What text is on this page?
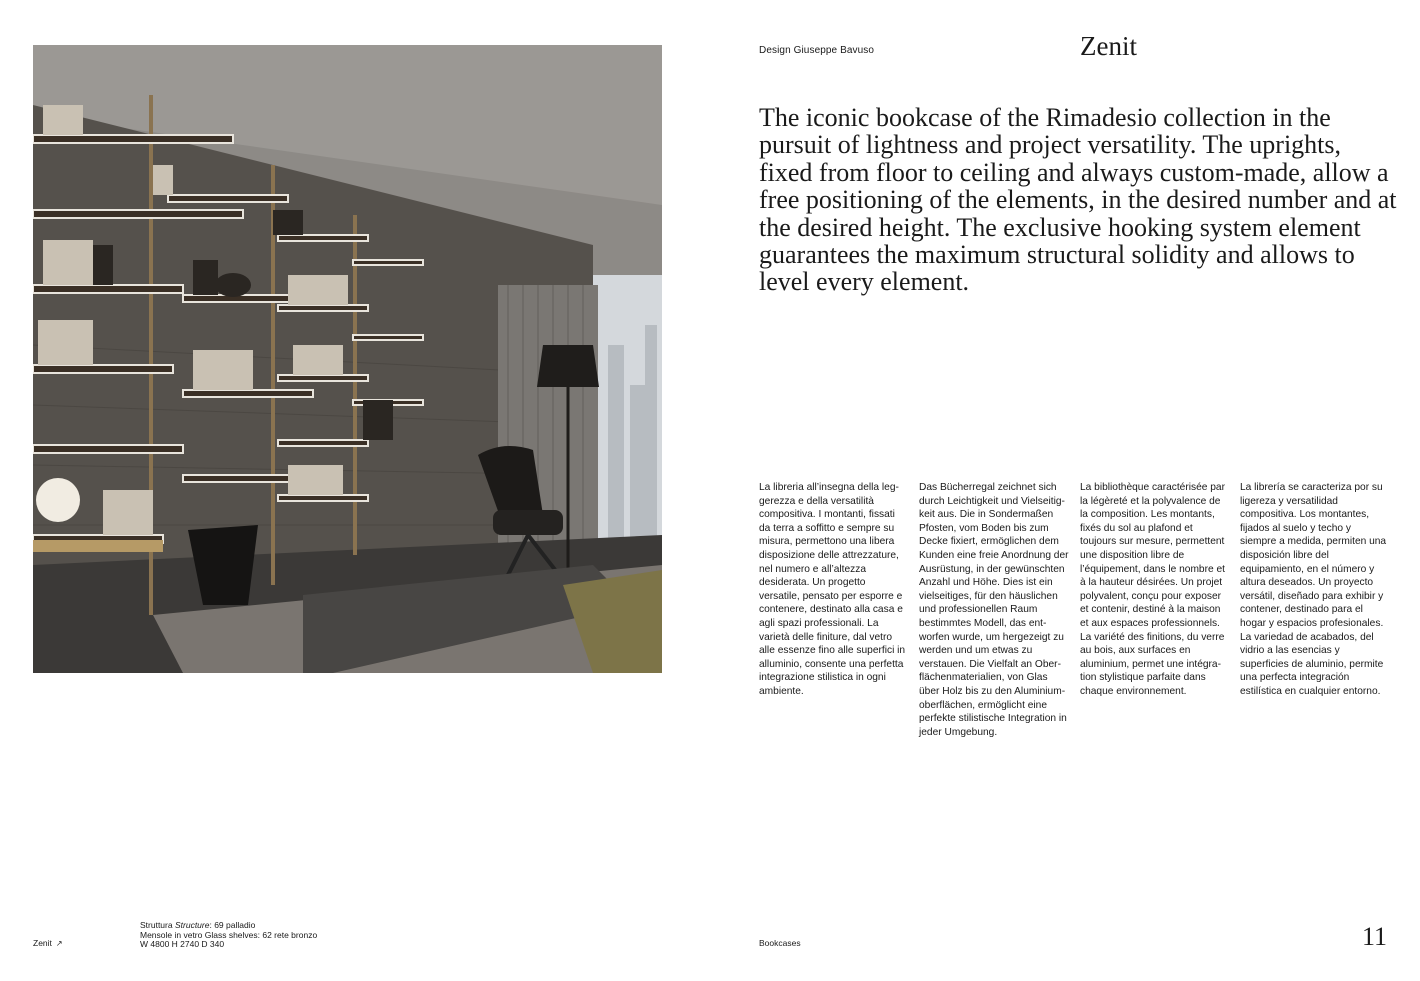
Design Giuseppe Bavuso	Zenit

The iconic bookcase of the Rimadesio collection in the pursuit of lightness and project versatility. The uprights, fixed from floor to ceiling and always custom-made, allow a free positioning of the elements, in the desired number and at the desired height. The exclusive hooking system element guarantees the maximum structural solidity and allows to level every element.

La libreria all’insegna della leggerezza e della versatilità compositiva. I montanti, fissati da terra a soffitto e sempre su misura, permettono una libera disposizione delle attrezzature, nel numero e all’altezza desiderata. Un progetto versatile, pensato per esporre e contenere, destinato alla casa e agli spazi professionali. La varietà delle finiture, dal vetro alle essenze fino alle superfici in alluminio, consente una perfetta integrazione stilistica in ogni ambiente.

Das Bücherregal zeichnet sich durch Leichtigkeit und Vielseitigkeit aus. Die in Sondermaßen Pfosten, vom Boden bis zum Decke fixiert, ermöglichen dem Kunden eine freie Anordnung der Ausrüstung, in der gewünschten Anzahl und Höhe. Dies ist ein vielseitiges, für den häuslichen und professionellen Raum bestimmtes Modell, das entworfen wurde, um hergezeigt zu werden und um etwas zu verstauen. Die Vielfalt an Oberflächenmaterialien, von Glas über Holz bis zu den Aluminiumoberflächen, ermöglicht eine perfekte stilistische Integration in jeder Umgebung.

La bibliothèque caractérisée par la légèreté et la polyvalence de la composition. Les montants, fixés du sol au plafond et toujours sur mesure, permettent une disposition libre de l’équipement, dans le nombre et à la hauteur désirées. Un projet polyvalent, conçu pour exposer et contenir, destiné à la maison et aux espaces professionnels. La variété des finitions, du verre au bois, aux surfaces en aluminium, permet une intégration stylistique parfaite dans chaque environnement.

La librería se caracteriza por su ligereza y versatilidad compositiva. Los montantes, fijados al suelo y techo y siempre a medida, permiten una disposición libre del equipamiento, en el número y altura deseados. Un proyecto versátil, diseñado para exhibir y contener, destinado para el hogar y espacios profesionales. La variedad de acabados, del vidrio a las esencias y superficies de aluminio, permite una perfecta integración estilística en cualquier entorno.

Zenit ↗
Struttura Structure: 69 palladio
Mensole in vetro Glass shelves: 62 rete bronzo
W 4800 H 2740 D 340	Bookcases	11
